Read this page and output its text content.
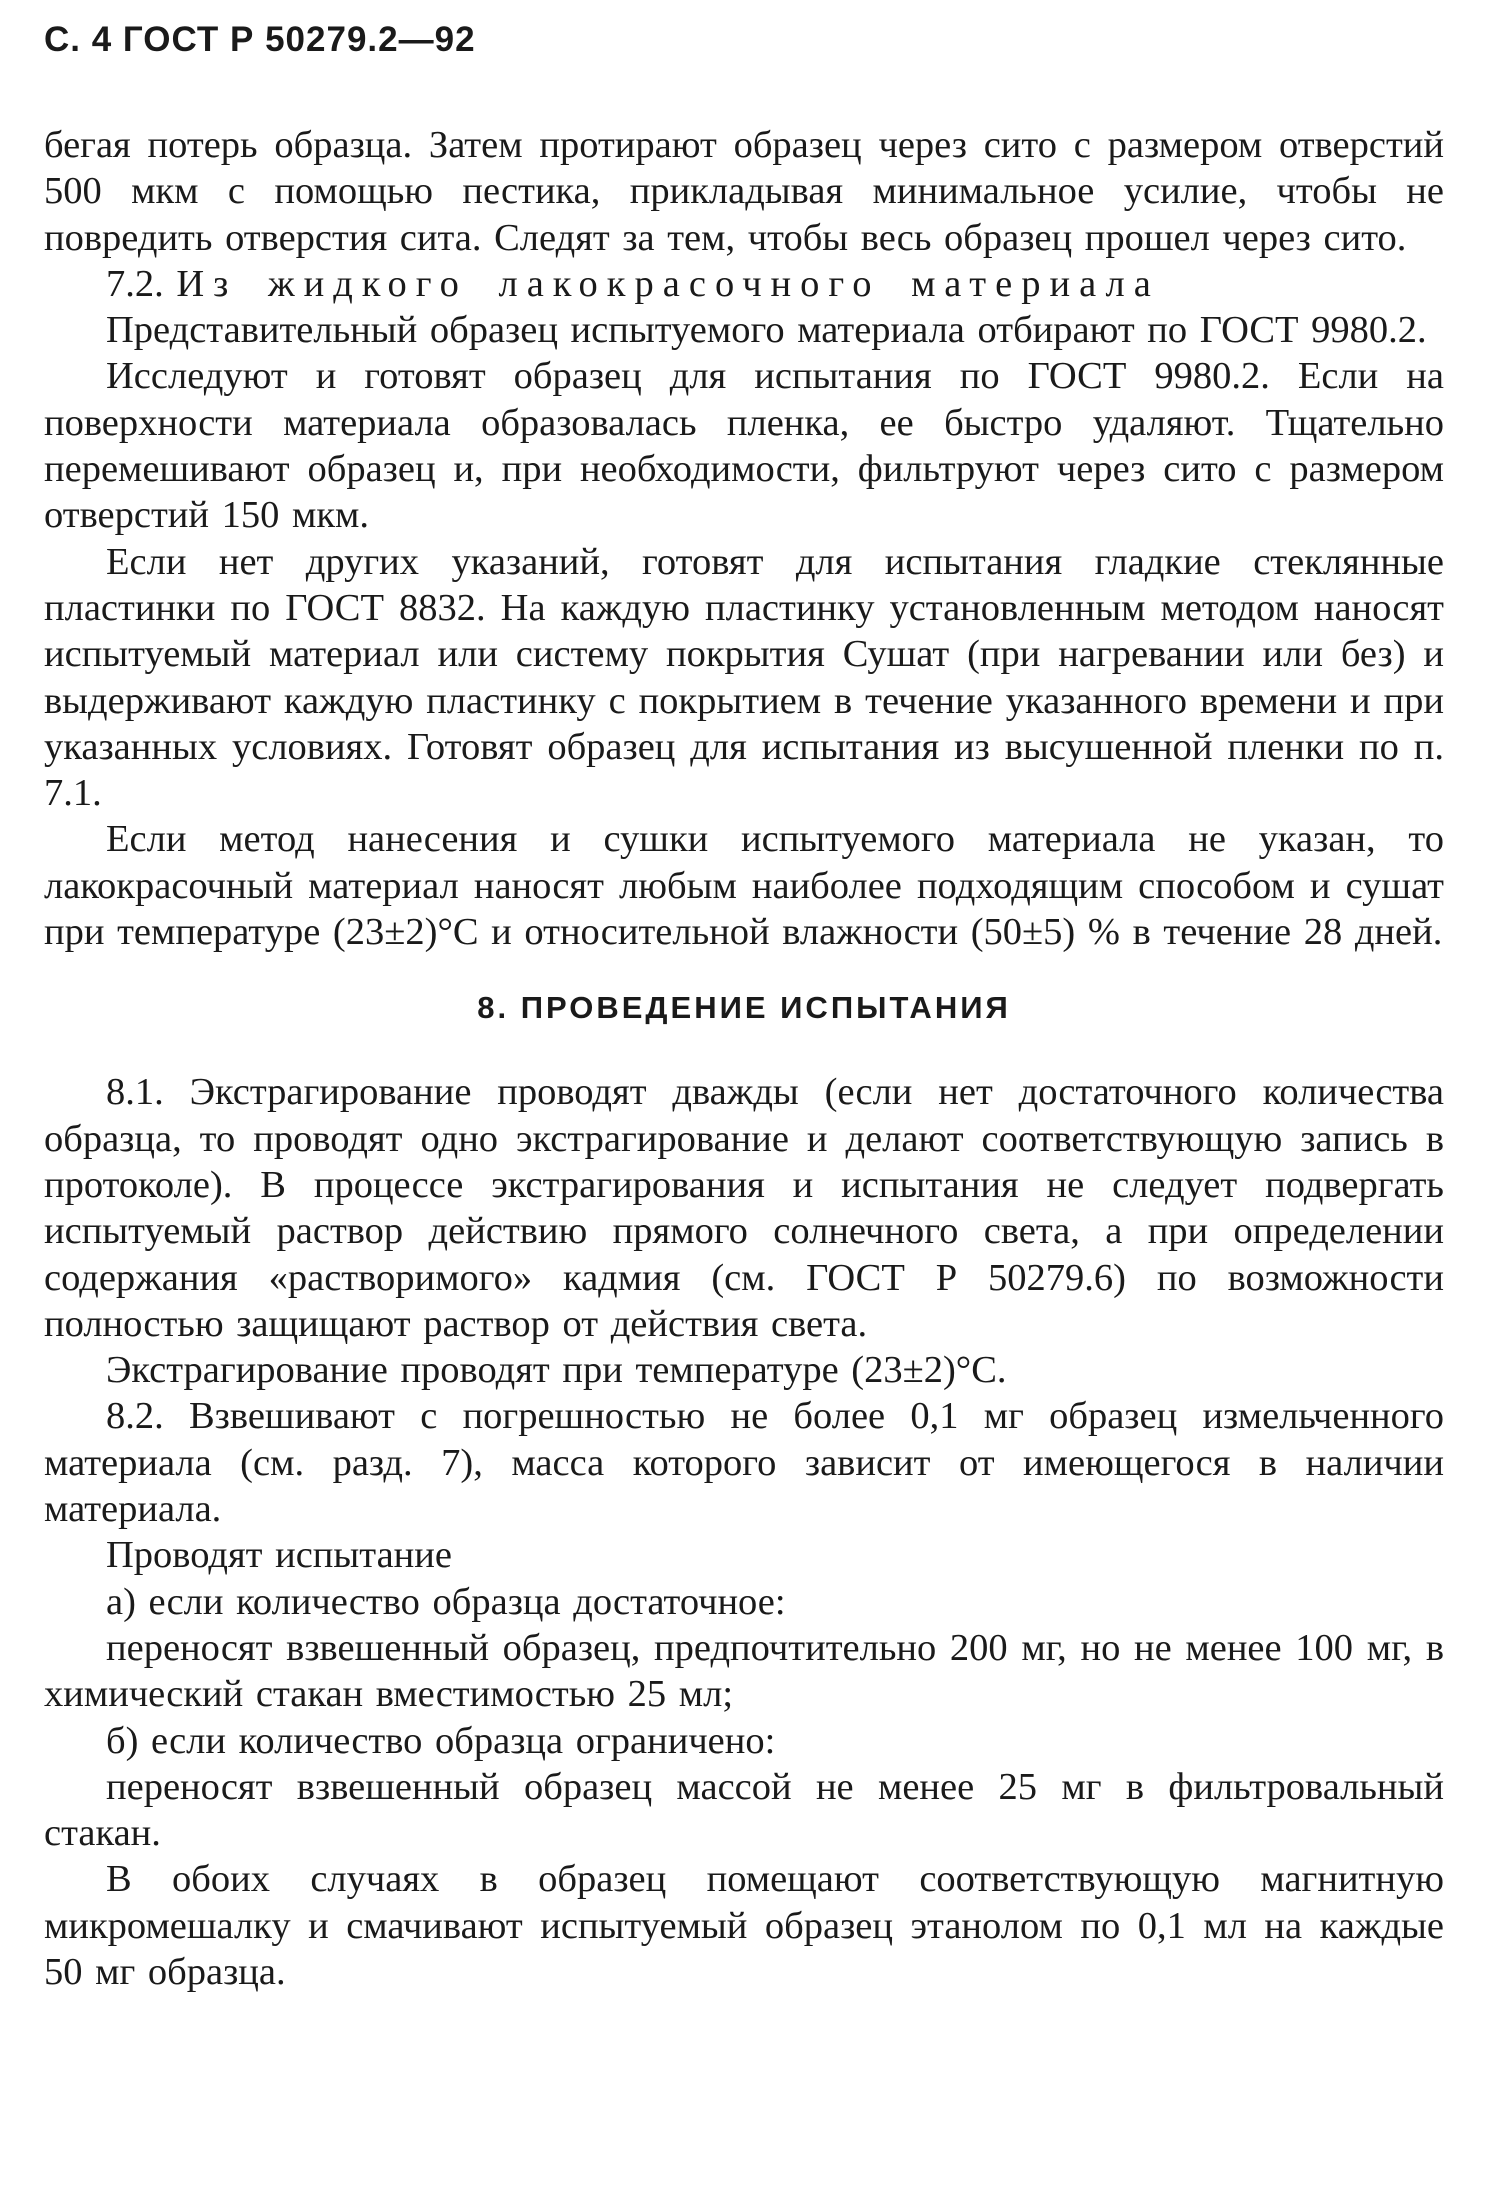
С. 4 ГОСТ Р 50279.2—92

бегая потерь образца. Затем протирают образец через сито с размером отверстий 500 мкм с помощью пестика, прикладывая минимальное усилие, чтобы не повредить отверстия сита. Следят за тем, чтобы весь образец прошел через сито.

7.2. Из жидкого лакокрасочного материала

Представительный образец испытуемого материала отбирают по ГОСТ 9980.2.

Исследуют и готовят образец для испытания по ГОСТ 9980.2. Если на поверхности материала образовалась пленка, ее быстро удаляют. Тщательно перемешивают образец и, при необходимости, фильтруют через сито с размером отверстий 150 мкм.

Если нет других указаний, готовят для испытания гладкие стеклянные пластинки по ГОСТ 8832. На каждую пластинку установленным методом наносят испытуемый материал или систему покрытия Сушат (при нагревании или без) и выдерживают каждую пластинку с покрытием в течение указанного времени и при указанных условиях. Готовят образец для испытания из высушенной пленки по п. 7.1.

Если метод нанесения и сушки испытуемого материала не указан, то лакокрасочный материал наносят любым наиболее подходящим способом и сушат при температуре (23±2)°С и относительной влажности (50±5) % в течение 28 дней.

8. ПРОВЕДЕНИЕ ИСПЫТАНИЯ

8.1. Экстрагирование проводят дважды (если нет достаточного количества образца, то проводят одно экстрагирование и делают соответствующую запись в протоколе). В процессе экстрагирования и испытания не следует подвергать испытуемый раствор действию прямого солнечного света, а при определении содержания «растворимого» кадмия (см. ГОСТ Р 50279.6) по возможности полностью защищают раствор от действия света.

Экстрагирование проводят при температуре (23±2)°С.

8.2. Взвешивают с погрешностью не более 0,1 мг образец измельченного материала (см. разд. 7), масса которого зависит от имеющегося в наличии материала.

Проводят испытание

а) если количество образца достаточное:

переносят взвешенный образец, предпочтительно 200 мг, но не менее 100 мг, в химический стакан вместимостью 25 мл;

б) если количество образца ограничено:

переносят взвешенный образец массой не менее 25 мг в фильтровальный стакан.

В обоих случаях в образец помещают соответствующую магнитную микромешалку и смачивают испытуемый образец этанолом по 0,1 мл на каждые 50 мг образца.
